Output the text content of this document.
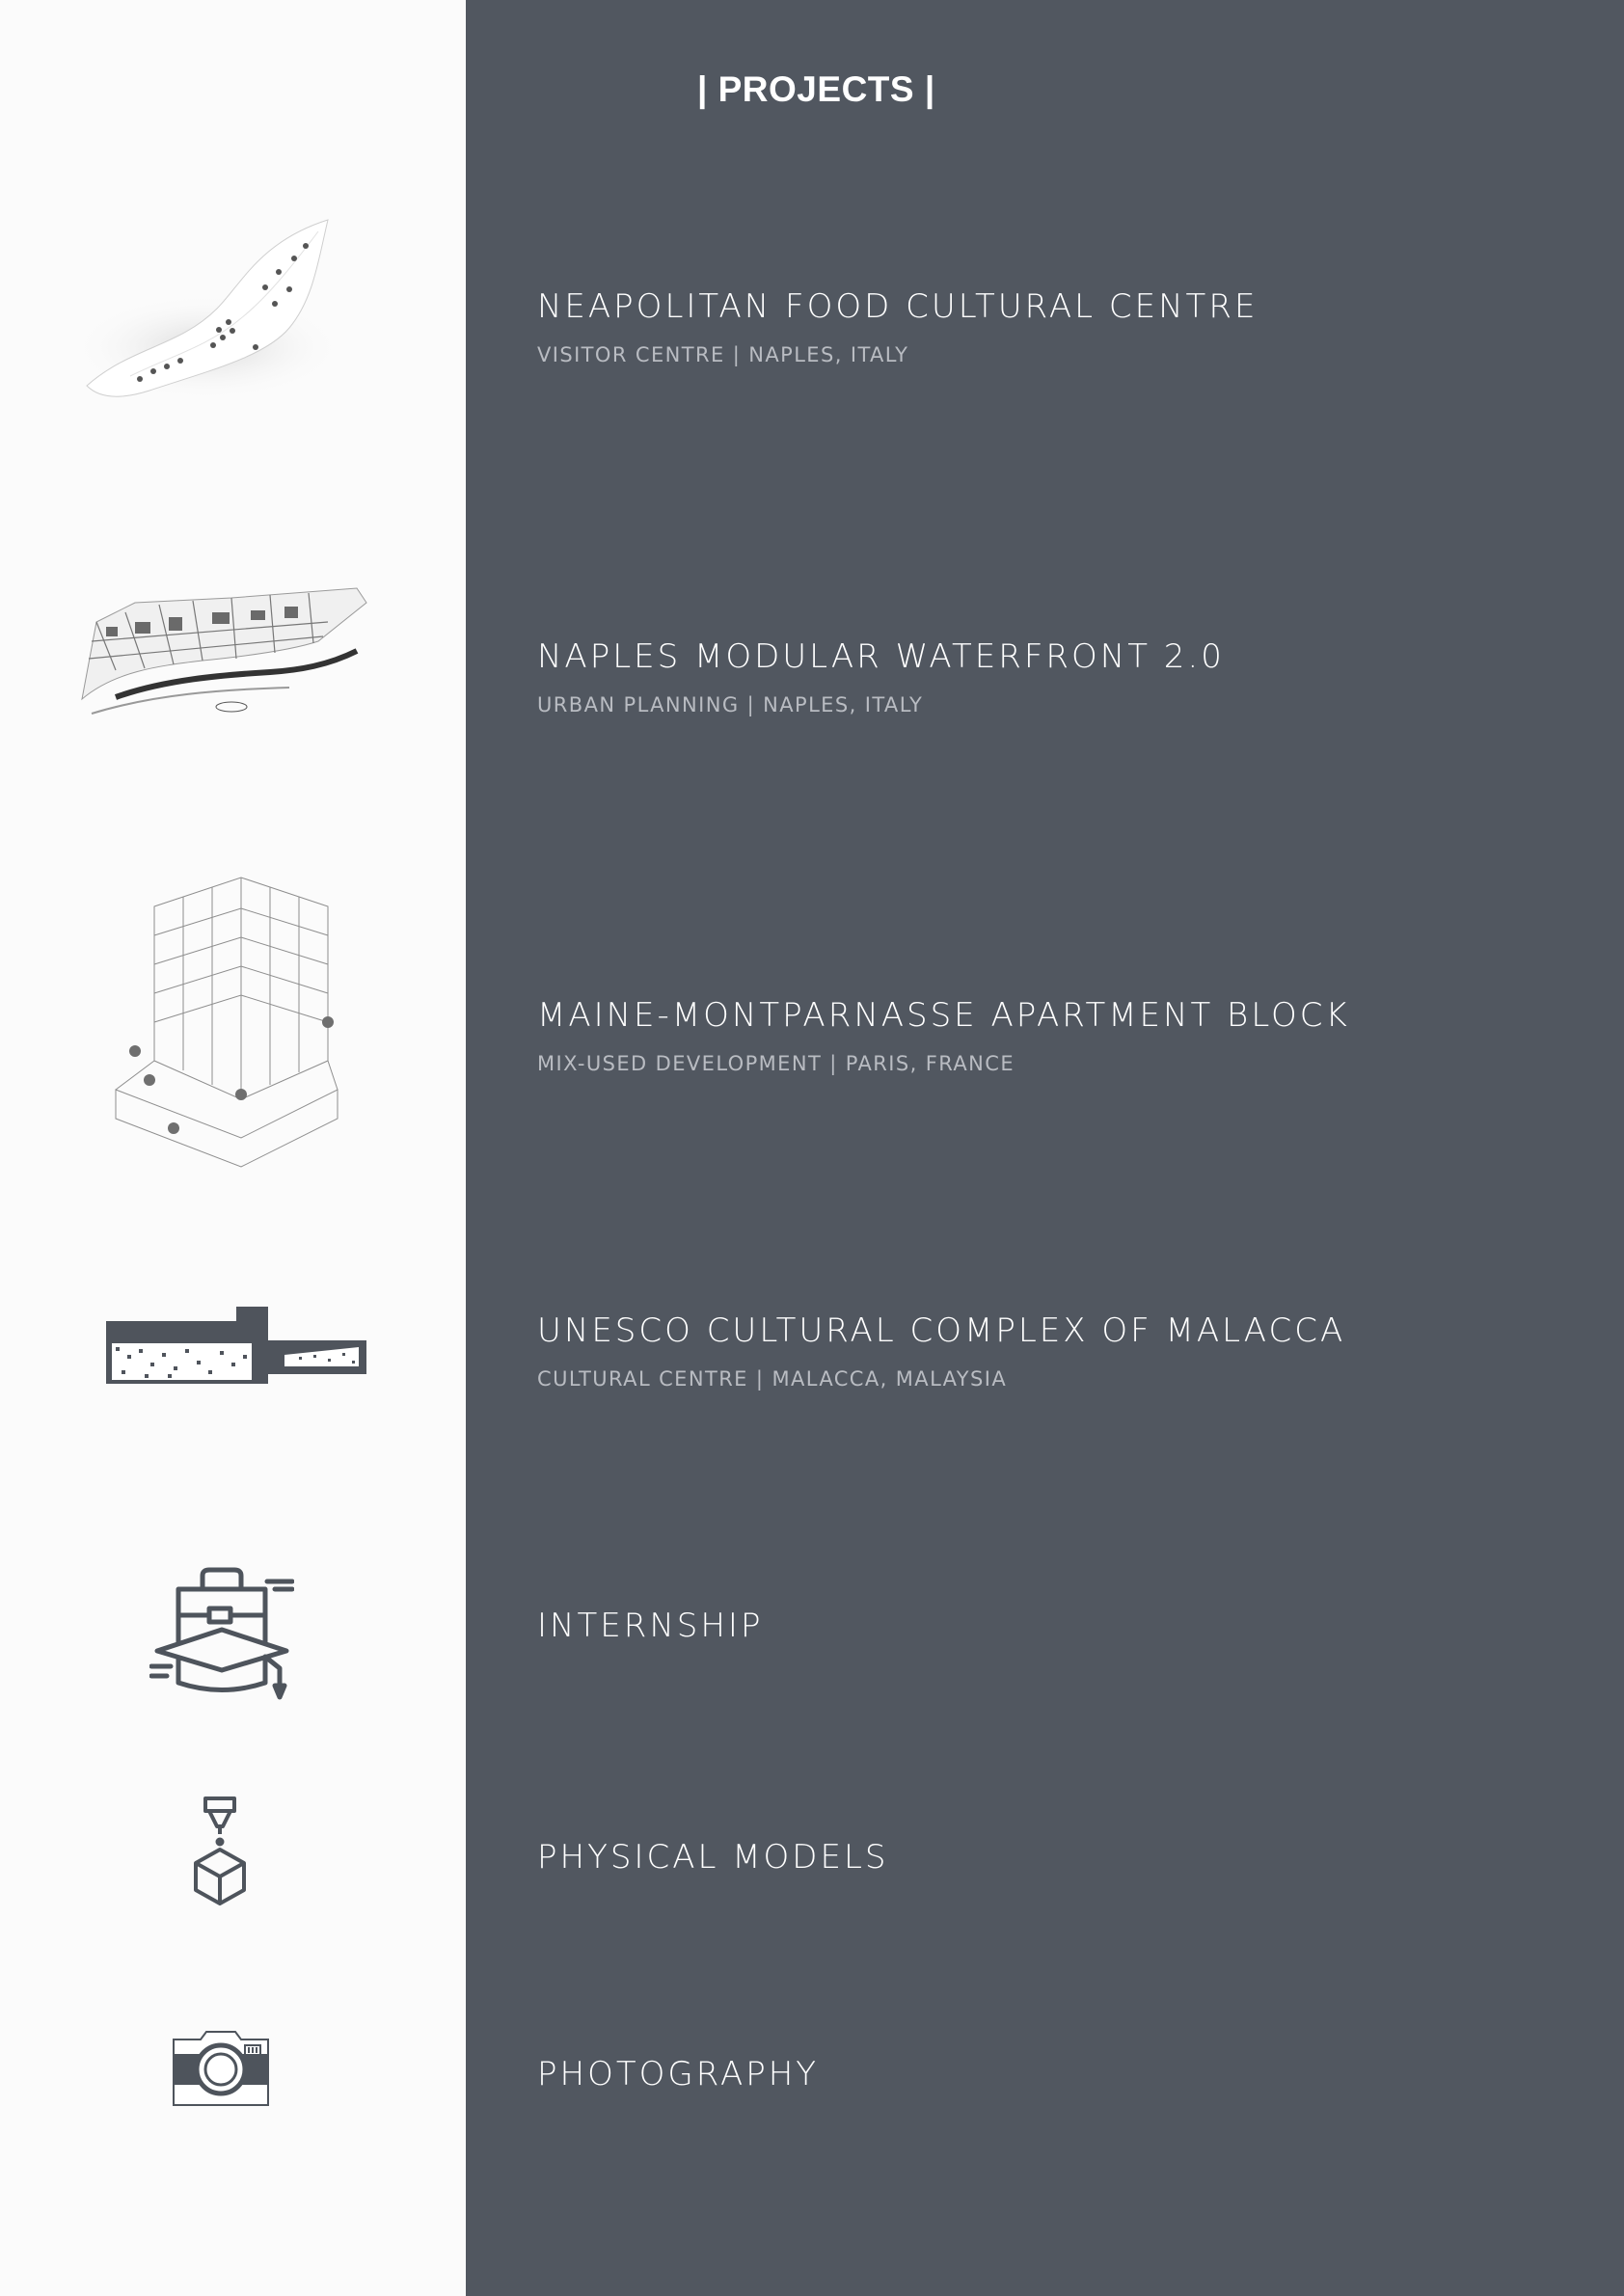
| PROJECTS |
NEAPOLITAN FOOD CULTURAL CENTRE
VISITOR CENTRE | NAPLES, ITALY
NAPLES MODULAR WATERFRONT 2.0
URBAN PLANNING | NAPLES, ITALY
MAINE-MONTPARNASSE APARTMENT BLOCK
MIX-USED DEVELOPMENT | PARIS, FRANCE
UNESCO CULTURAL COMPLEX OF MALACCA
CULTURAL CENTRE | MALACCA, MALAYSIA
INTERNSHIP
PHYSICAL MODELS
PHOTOGRAPHY
